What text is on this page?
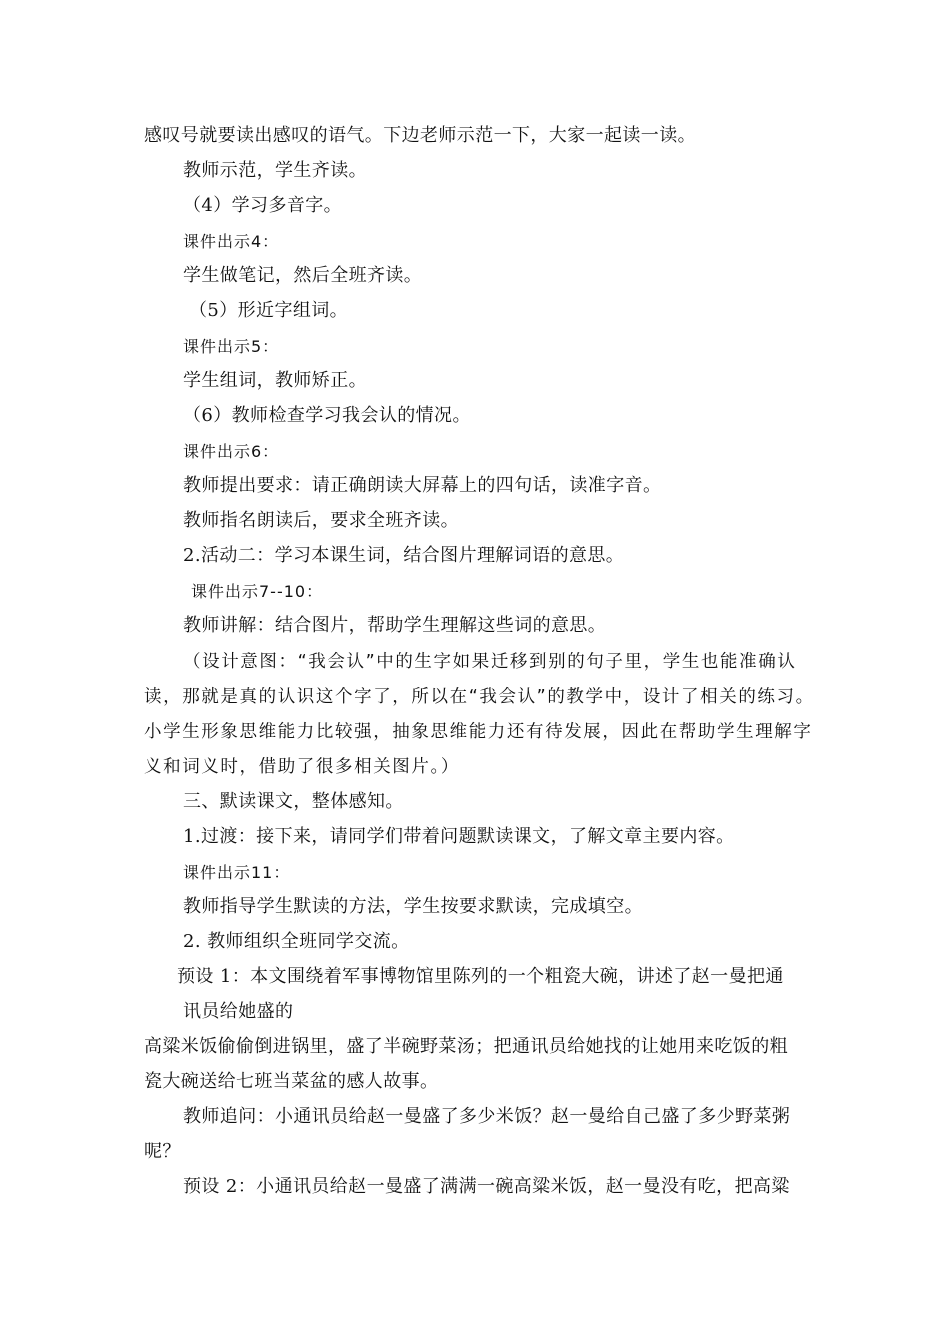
感叹号就要读出感叹的语气。下边老师示范一下，大家一起读一读。
教师示范，学生齐读。
（4）学习多音字。
课件出示4：
学生做笔记，然后全班齐读。
（5）形近字组词。
课件出示5：
学生组词，教师矫正。
（6）教师检查学习我会认的情况。
课件出示6：
教师提出要求：请正确朗读大屏幕上的四句话，读准字音。
教师指名朗读后，要求全班齐读。
2.活动二：学习本课生词，结合图片理解词语的意思。
课件出示7--10：
教师讲解：结合图片，帮助学生理解这些词的意思。
（设计意图：“我会认”中的生字如果迁移到别的句子里，学生也能准确认
读，那就是真的认识这个字了，所以在“我会认”的教学中，设计了相关的练习。
小学生形象思维能力比较强，抽象思维能力还有待发展，因此在帮助学生理解字
义和词义时，借助了很多相关图片。）
三、默读课文，整体感知。
1.过渡：接下来，请同学们带着问题默读课文，了解文章主要内容。
课件出示11：
教师指导学生默读的方法，学生按要求默读，完成填空。
2. 教师组织全班同学交流。
预设 1：本文围绕着军事博物馆里陈列的一个粗瓷大碗，讲述了赵一曼把通
讯员给她盛的
高粱米饭偷偷倒进锅里，盛了半碗野菜汤；把通讯员给她找的让她用来吃饭的粗
瓷大碗送给七班当菜盆的感人故事。
教师追问：小通讯员给赵一曼盛了多少米饭？赵一曼给自己盛了多少野菜粥
呢？
预设 2：小通讯员给赵一曼盛了满满一碗高粱米饭，赵一曼没有吃，把高粱
